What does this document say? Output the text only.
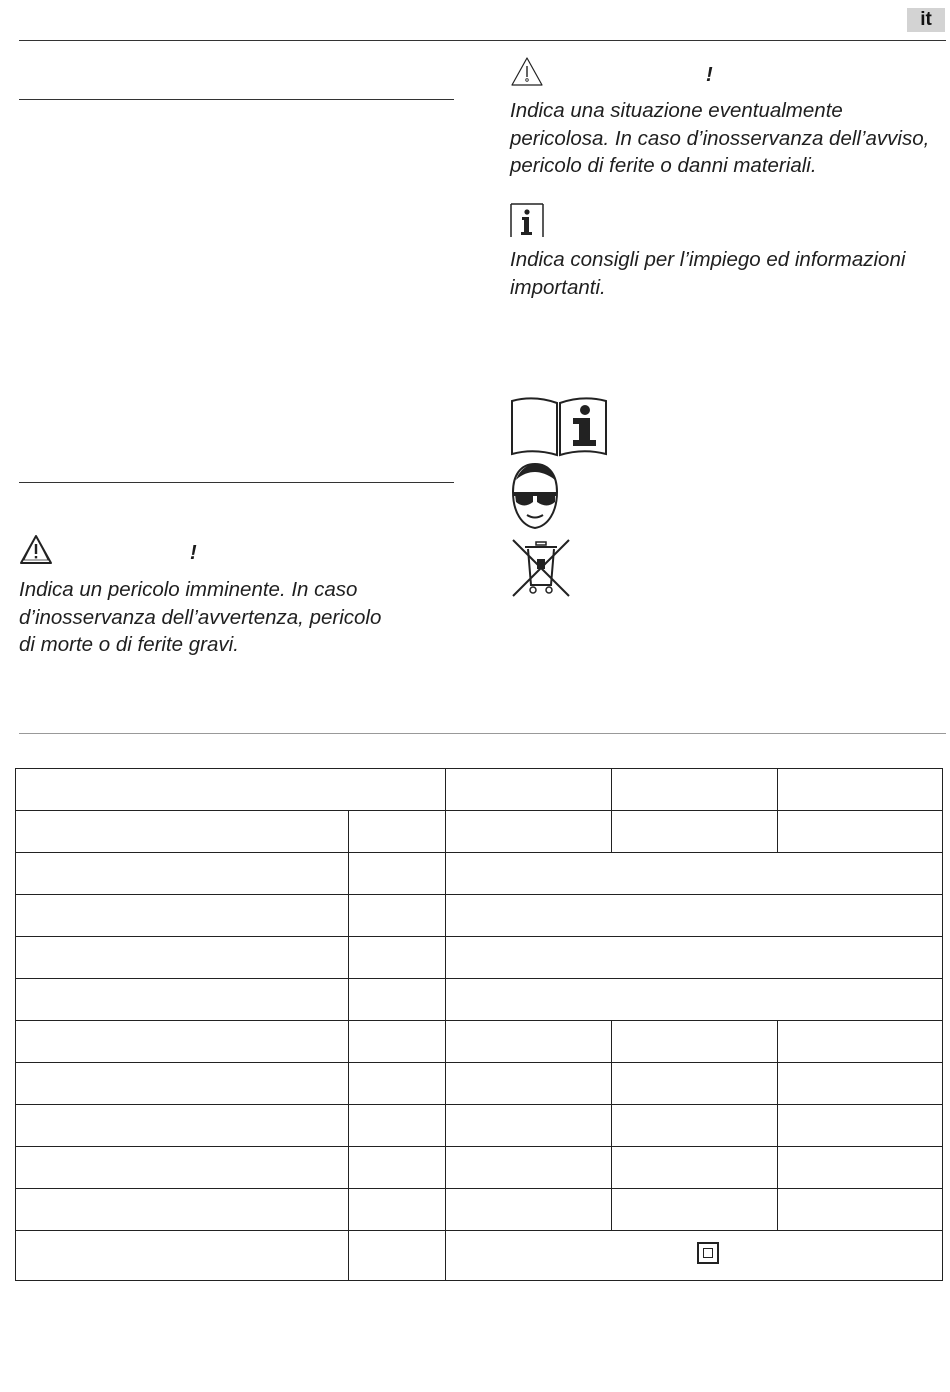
it
!
Indica un pericolo imminente. In caso
d’inosservanza dell’avvertenza, pericolo
di morte o di ferite gravi.
!
Indica una situazione eventualmente
pericolosa. In caso d’inosservanza dell’avviso,
pericolo di ferite o danni materiali.
Indica consigli per l’impiego ed informazioni
importanti.
